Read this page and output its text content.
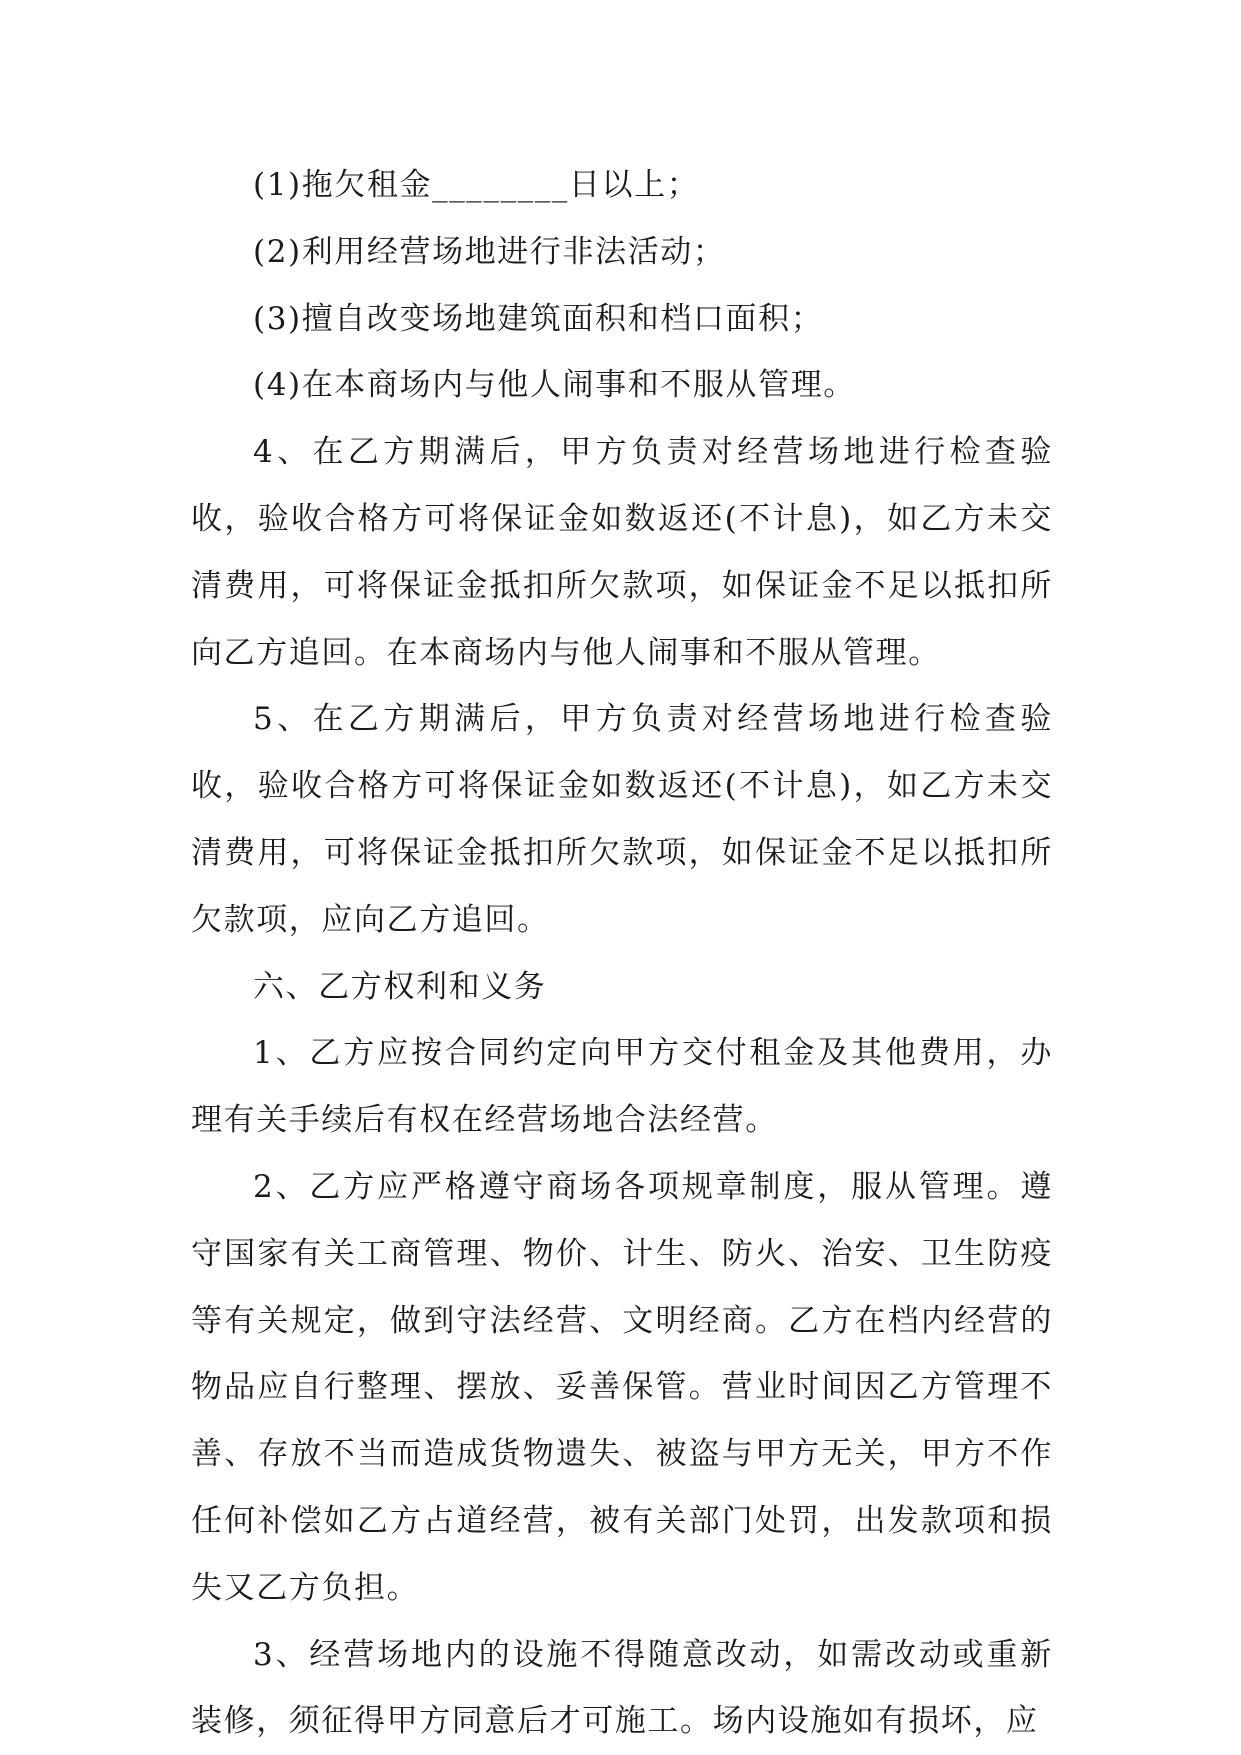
(1)拖欠租金________日以上；

(2)利用经营场地进行非法活动；

(3)擅自改变场地建筑面积和档口面积；

(4)在本商场内与他人闹事和不服从管理。

4、在乙方期满后，甲方负责对经营场地进行检查验收，验收合格方可将保证金如数返还(不计息)，如乙方未交清费用，可将保证金抵扣所欠款项，如保证金不足以抵扣所向乙方追回。在本商场内与他人闹事和不服从管理。

5、在乙方期满后，甲方负责对经营场地进行检查验收，验收合格方可将保证金如数返还(不计息)，如乙方未交清费用，可将保证金抵扣所欠款项，如保证金不足以抵扣所欠款项，应向乙方追回。

六、乙方权利和义务

1、乙方应按合同约定向甲方交付租金及其他费用，办理有关手续后有权在经营场地合法经营。

2、乙方应严格遵守商场各项规章制度，服从管理。遵守国家有关工商管理、物价、计生、防火、治安、卫生防疫等有关规定，做到守法经营、文明经商。乙方在档内经营的物品应自行整理、摆放、妥善保管。营业时间因乙方管理不善、存放不当而造成货物遗失、被盗与甲方无关，甲方不作任何补偿如乙方占道经营，被有关部门处罚，出发款项和损失又乙方负担。

3、经营场地内的设施不得随意改动，如需改动或重新装修，须征得甲方同意后才可施工。场内设施如有损坏，应
